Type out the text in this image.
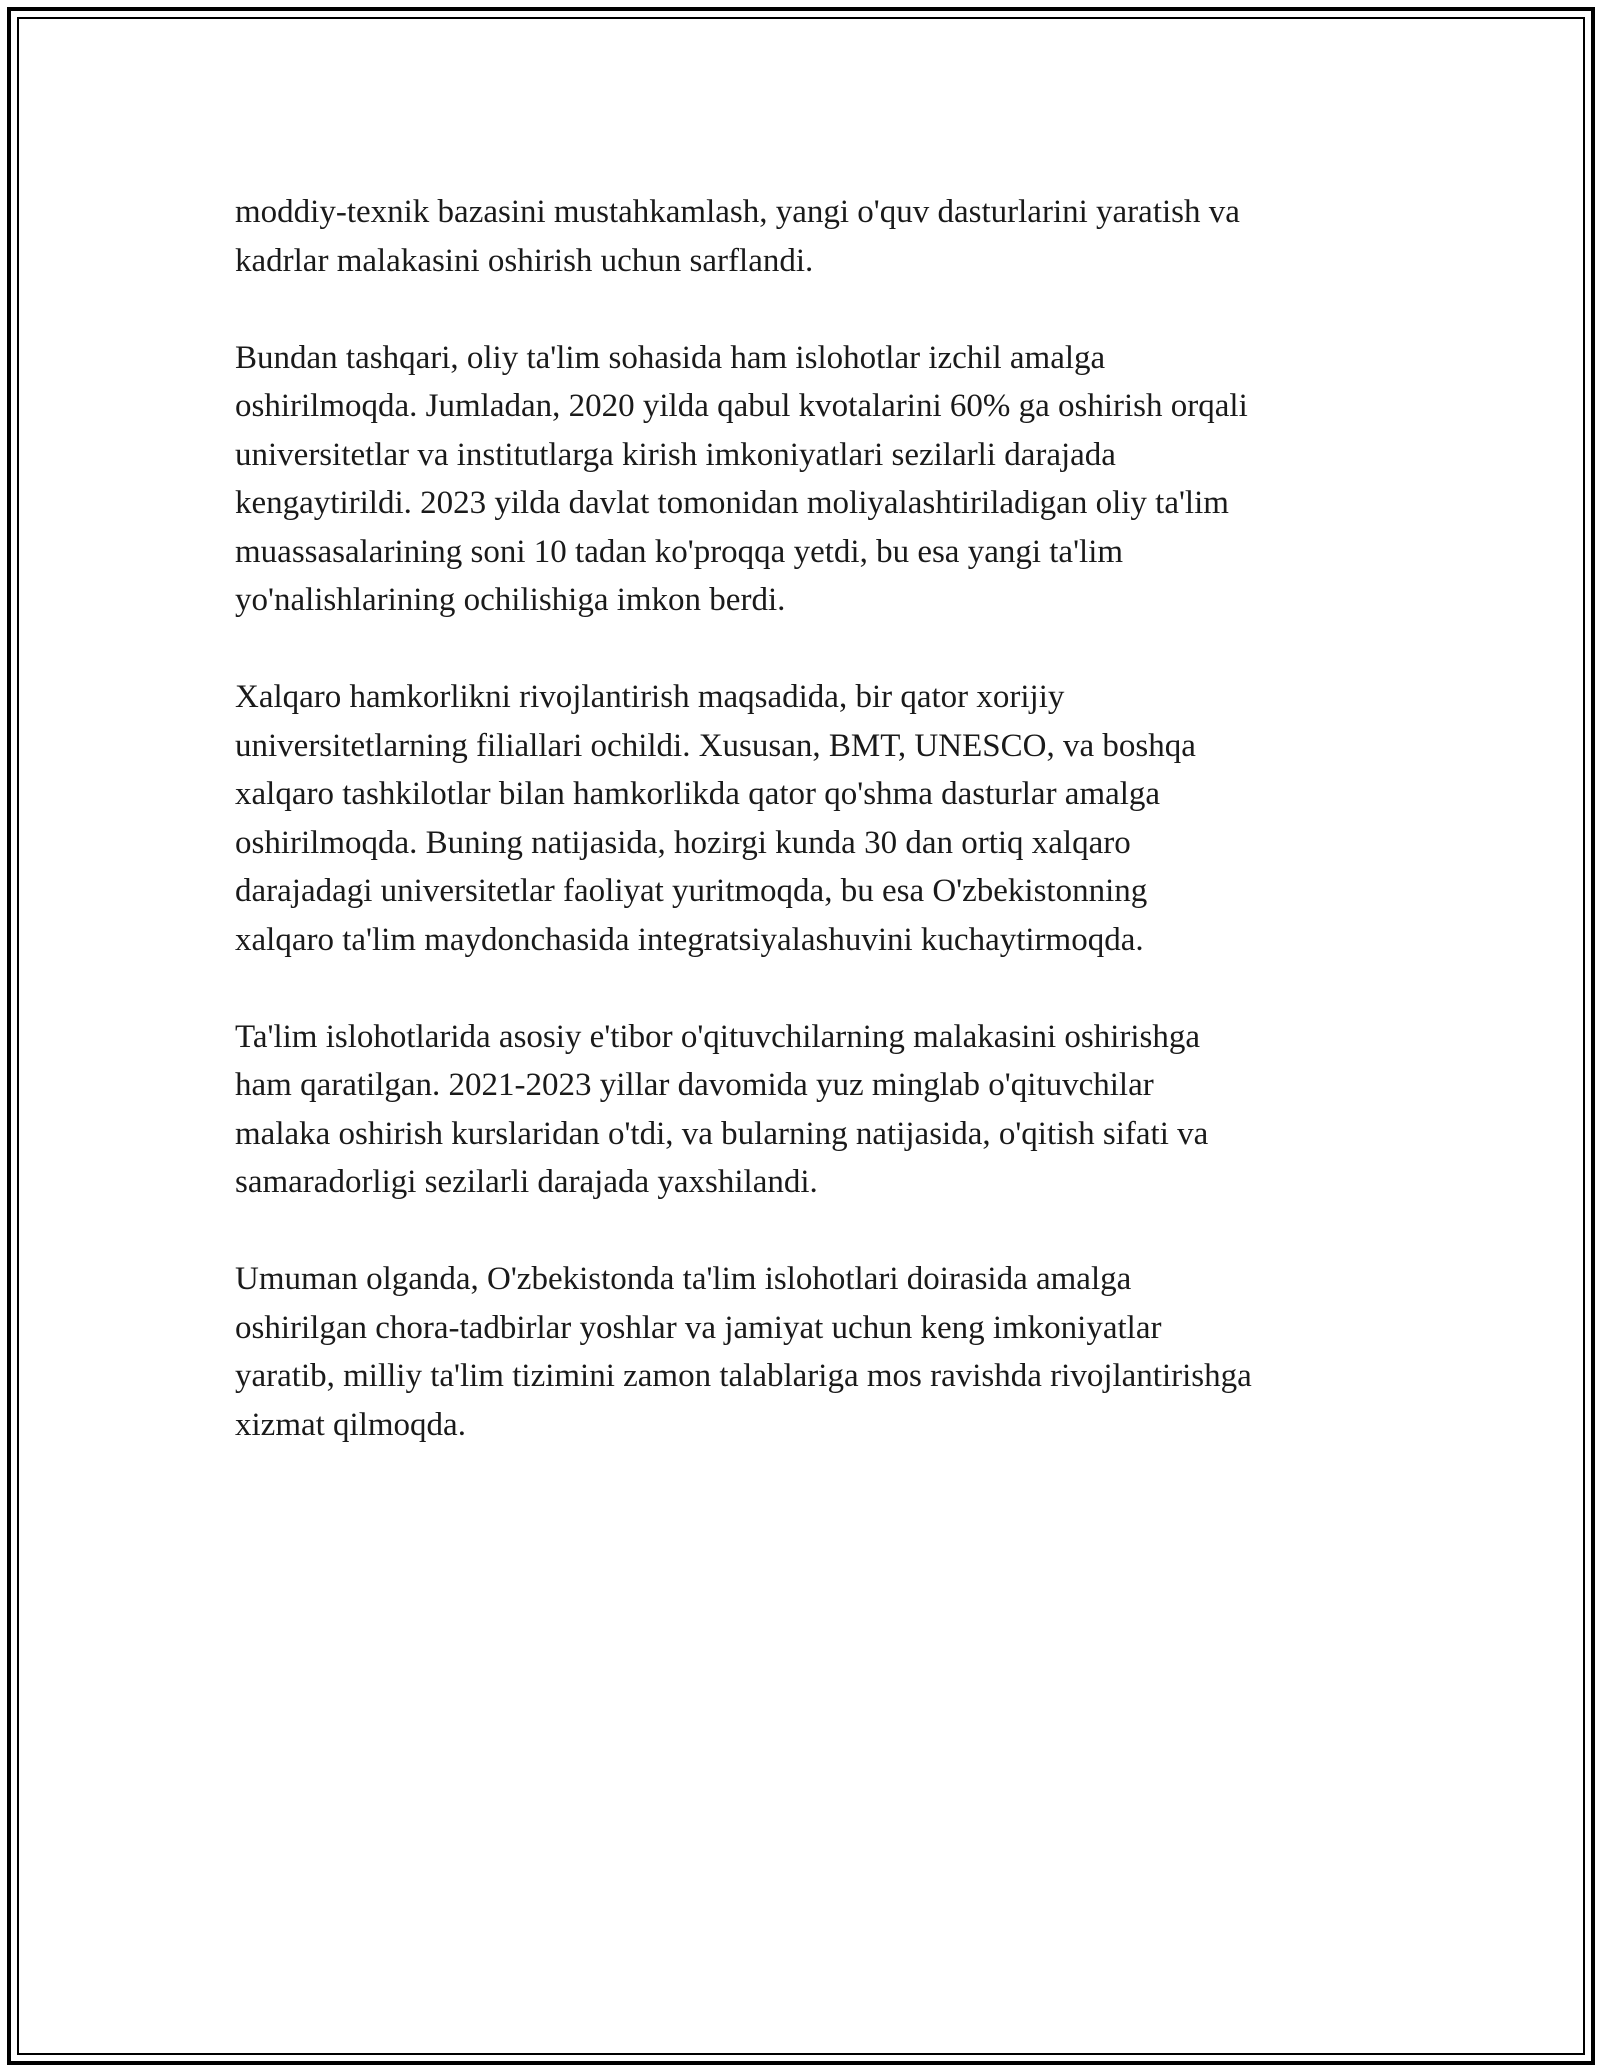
moddiy-texnik bazasini mustahkamlash, yangi o'quv dasturlarini yaratish va
kadrlar malakasini oshirish uchun sarflandi.

Bundan tashqari, oliy ta'lim sohasida ham islohotlar izchil amalga
oshirilmoqda. Jumladan, 2020 yilda qabul kvotalarini 60% ga oshirish orqali
universitetlar va institutlarga kirish imkoniyatlari sezilarli darajada
kengaytirildi. 2023 yilda davlat tomonidan moliyalashtiriladigan oliy ta'lim
muassasalarining soni 10 tadan ko'proqqa yetdi, bu esa yangi ta'lim
yo'nalishlarining ochilishiga imkon berdi.

Xalqaro hamkorlikni rivojlantirish maqsadida, bir qator xorijiy
universitetlarning filiallari ochildi. Xususan, BMT, UNESCO, va boshqa
xalqaro tashkilotlar bilan hamkorlikda qator qo'shma dasturlar amalga
oshirilmoqda. Buning natijasida, hozirgi kunda 30 dan ortiq xalqaro
darajadagi universitetlar faoliyat yuritmoqda, bu esa O'zbekistonning
xalqaro ta'lim maydonchasida integratsiyalashuvini kuchaytirmoqda.

Ta'lim islohotlarida asosiy e'tibor o'qituvchilarning malakasini oshirishga
ham qaratilgan. 2021-2023 yillar davomida yuz minglab o'qituvchilar
malaka oshirish kurslaridan o'tdi, va bularning natijasida, o'qitish sifati va
samaradorligi sezilarli darajada yaxshilandi.

Umuman olganda, O'zbekistonda ta'lim islohotlari doirasida amalga
oshirilgan chora-tadbirlar yoshlar va jamiyat uchun keng imkoniyatlar
yaratib, milliy ta'lim tizimini zamon talablariga mos ravishda rivojlantirishga
xizmat qilmoqda.
